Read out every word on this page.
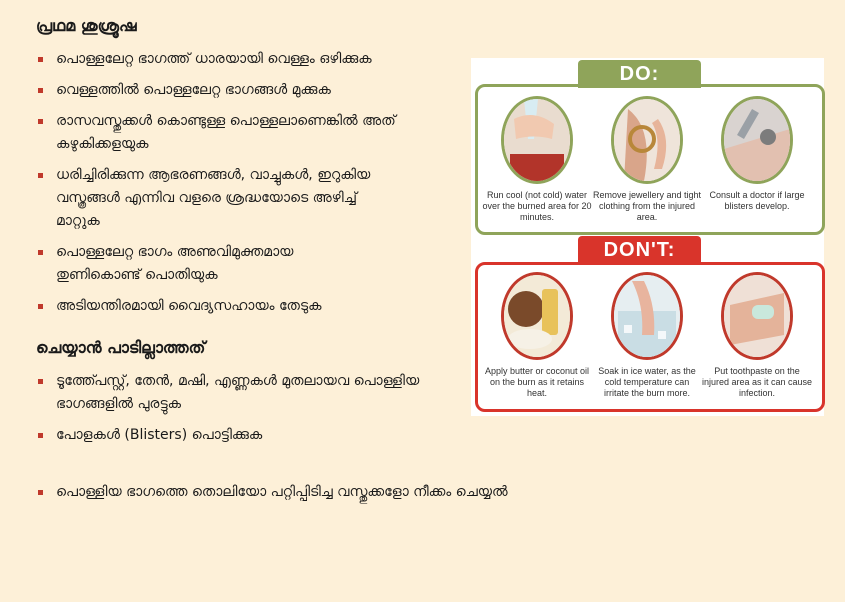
പ്രഥമ ശുശ്രൂഷ
പൊള്ളലേറ്റ ഭാഗത്ത് ധാരയായി വെള്ളം ഒഴിക്കുക
വെള്ളത്തിൽ പൊള്ളലേറ്റ ഭാഗങ്ങൾ മുക്കുക
രാസവസ്തുക്കൾ കൊണ്ടുള്ള പൊള്ളലാണെങ്കിൽ അത് കഴുകിക്കളയുക
ധരിച്ചിരിക്കുന്ന ആഭരണങ്ങൾ, വാച്ചുകൾ, ഇറുകിയ വസ്ത്രങ്ങൾ എന്നിവ വളരെ ശ്രദ്ധയോടെ അഴിച്ച് മാറ്റുക
പൊള്ളലേറ്റ ഭാഗം അണുവിമുക്തമായ തുണികൊണ്ട് പൊതിയുക
അടിയന്തിരമായി വൈദ്യസഹായം തേടുക
ചെയ്യാൻ പാടില്ലാത്തത്
ടൂത്ത്പേസ്റ്റ്, തേൻ, മഷി, എണ്ണകൾ മുതലായവ പൊള്ളിയ ഭാഗങ്ങളിൽ പുരട്ടുക
പോളകൾ (Blisters) പൊട്ടിക്കുക
പൊള്ളിയ ഭാഗത്തെ തൊലിയോ പറ്റിപ്പിടിച്ച വസ്തുക്കളോ നീക്കം ചെയ്യൽ
DO:
Run cool (not cold) water over the burned area for 20 minutes.
Remove jewellery and tight clothing from the injured area.
Consult a doctor if large blisters develop.
DON'T:
Apply butter or coconut oil on the burn as it retains heat.
Soak in ice water, as the cold temperature can irritate the burn more.
Put toothpaste on the injured area as it can cause infection.
